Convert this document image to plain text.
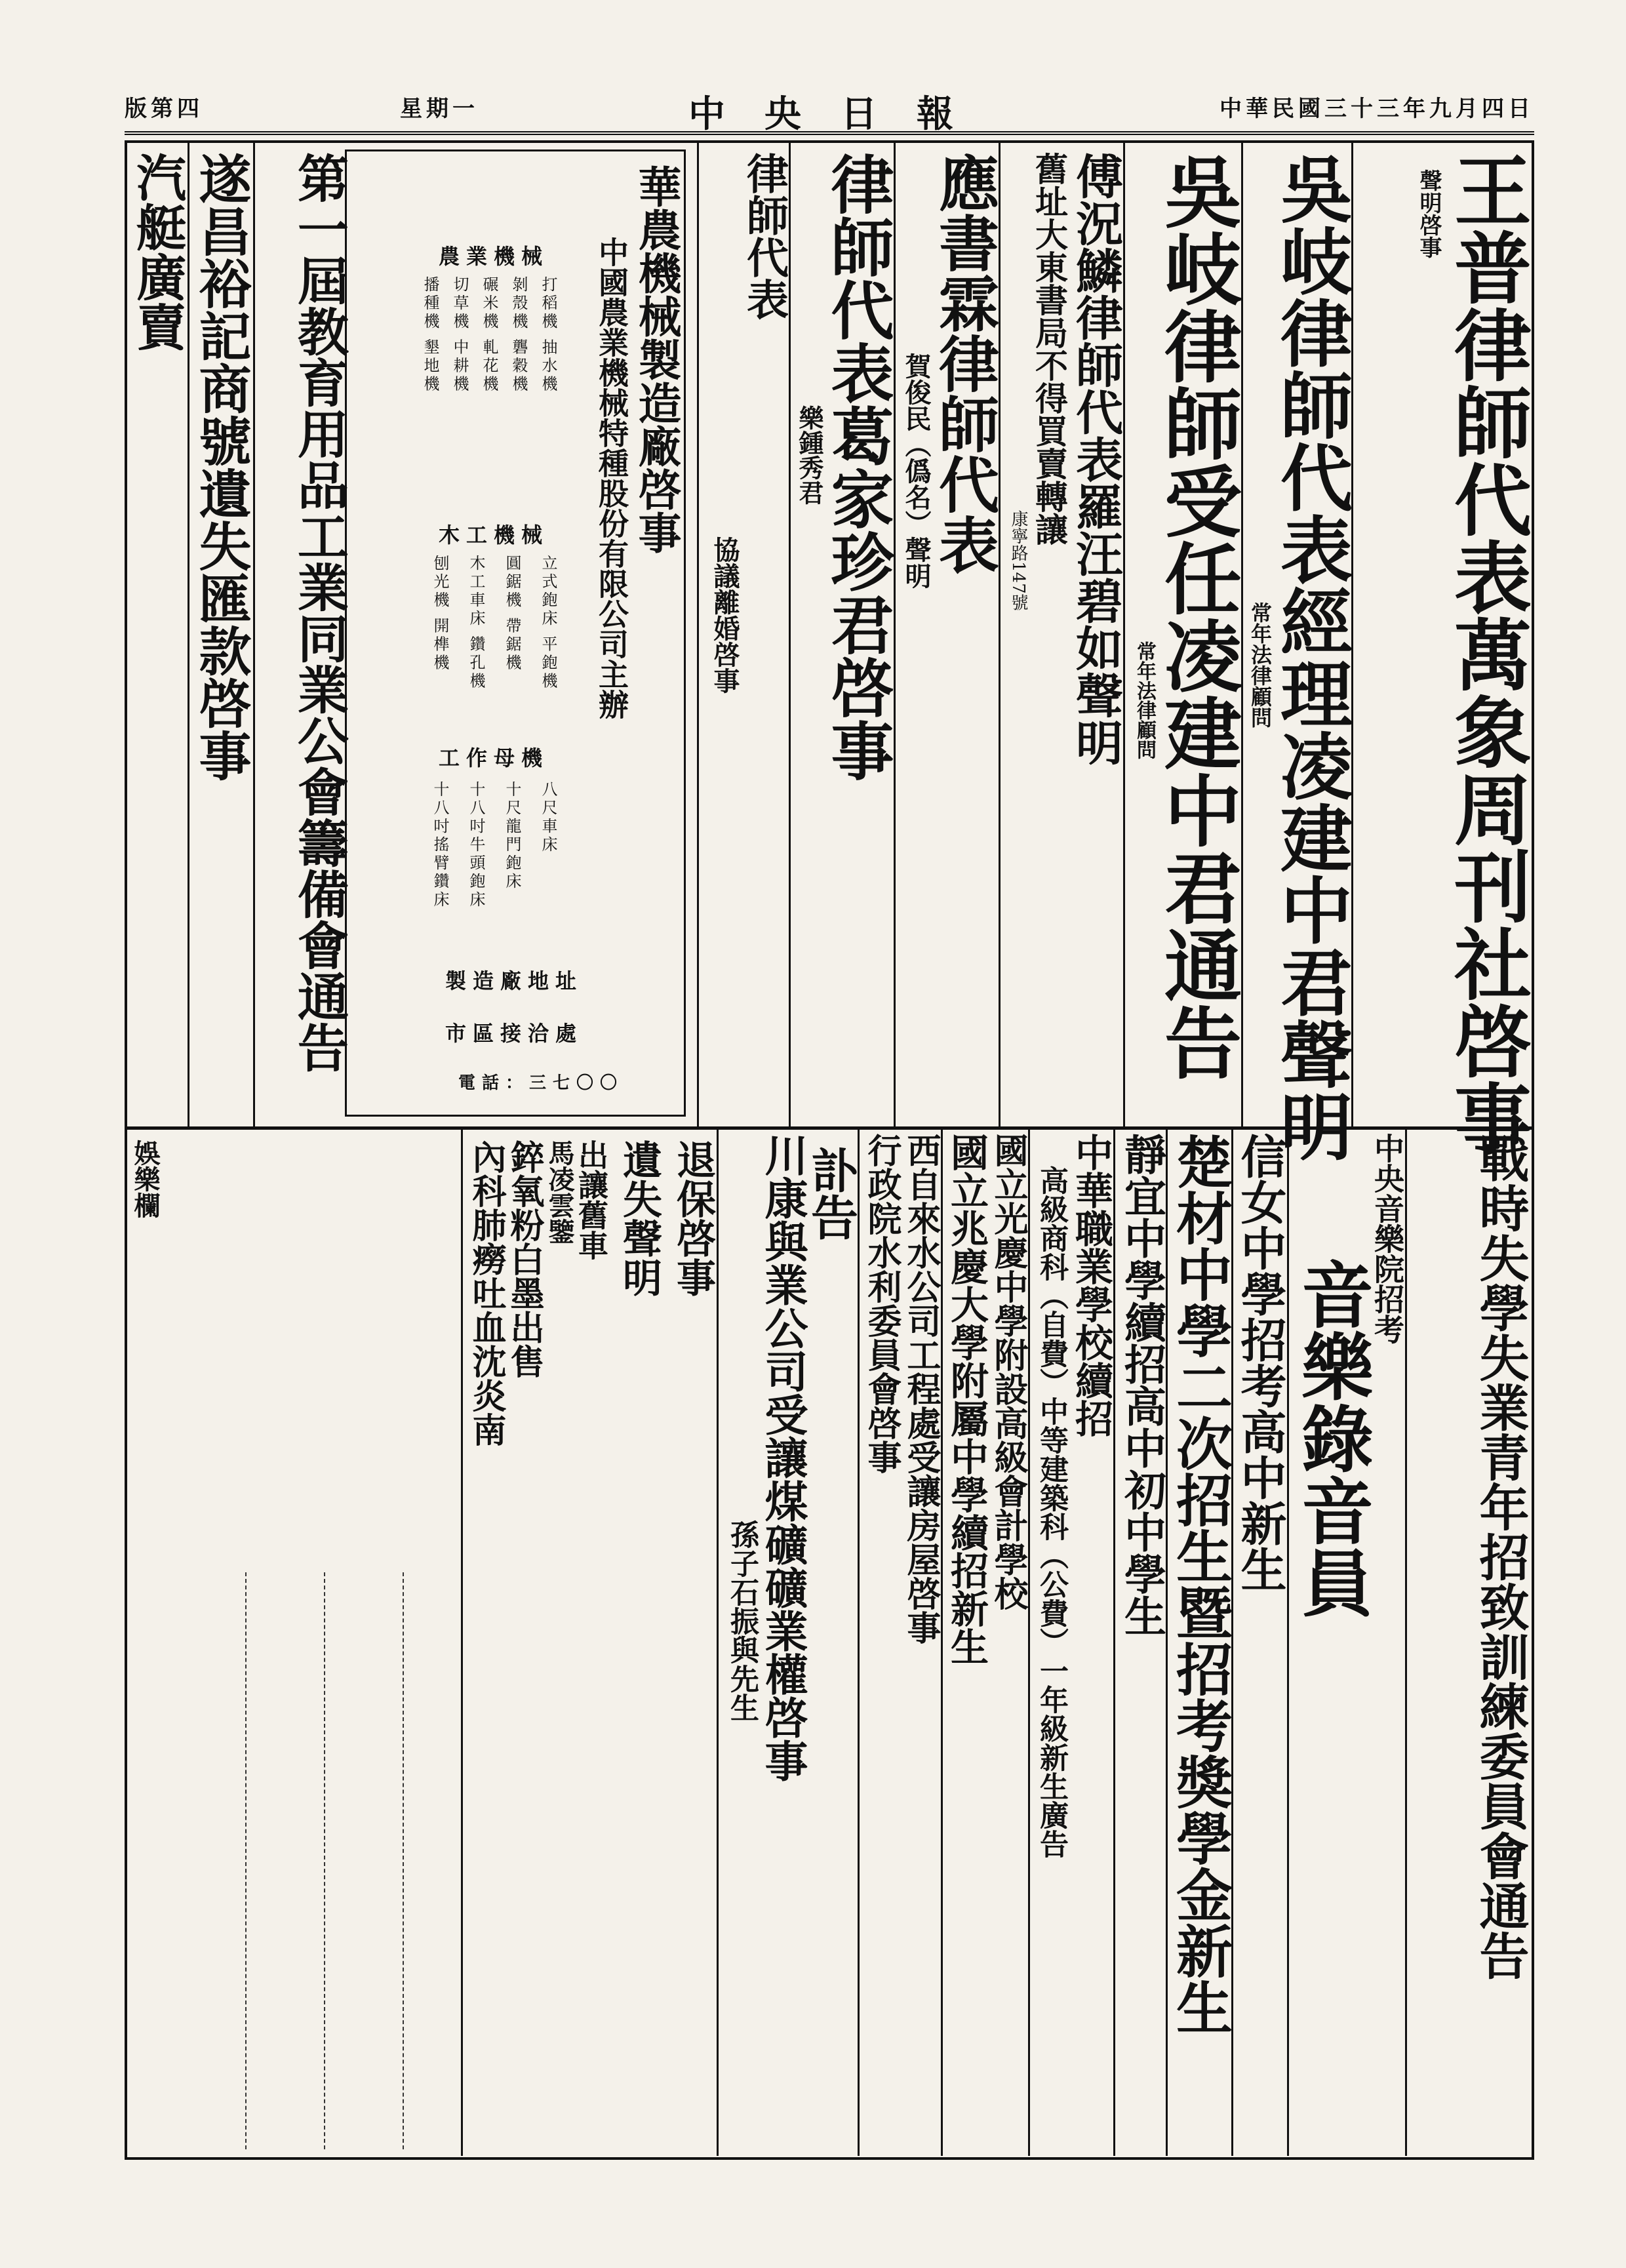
中華民國三十三年九月四日
中央日報
星期一
版第四
王普律師代表萬象周刊社啓事
聲明啓事
吳岐律師代表經理凌建中君聲明
常年法律顧問
吳岐律師受任凌建中君通告
常年法律顧問
傅況鱗律師代表羅汪碧如聲明
舊址大東書局不得買賣轉讓
康寧路147號
應書霖律師代表
賀俊民（僞名）聲明
律師代表葛家珍君啓事
樂鍾秀君
律師代表
協議離婚啓事
華農機械製造廠啓事
中國農業機械特種股份有限公司主辦
農業機械
打稻機 抽水機
剝殼機 礱穀機
碾米機 軋花機
切草機 中耕機
播種機 墾地機
木工機械
立式鉋床 平鉋機
圓鋸機 帶鋸機
木工車床 鑽孔機
刨光機 開榫機
工作母機
八尺車床
十尺龍門鉋床
十八吋牛頭鉋床
十八吋搖臂鑽床
製造廠地址
市區接洽處
電話：三七〇〇
第一屆教育用品工業同業公會籌備會通告
遂昌裕記商號遺失匯款啓事
汽艇廣賣
戰時失學失業青年招致訓練委員會通告
中央音樂院招考
音樂錄音員
信女中學招考高中新生
楚材中學二次招生暨招考獎學金新生
靜宜中學續招高中初中學生
中華職業學校續招
高級商科（自費）中等建築科（公費）一年級新生廣告
國立光慶中學附設高級會計學校
國立兆慶大學附屬中學續招新生
西自來水公司工程處受讓房屋啓事
行政院水利委員會啓事
訃告
川康與業公司受讓煤礦礦業權啓事
孫子石振與先生
退保啓事
遺失聲明
出讓舊車
馬凌雲鑒
錊氧粉白墨出售
內科肺癆吐血沈炎南
娛樂欄
